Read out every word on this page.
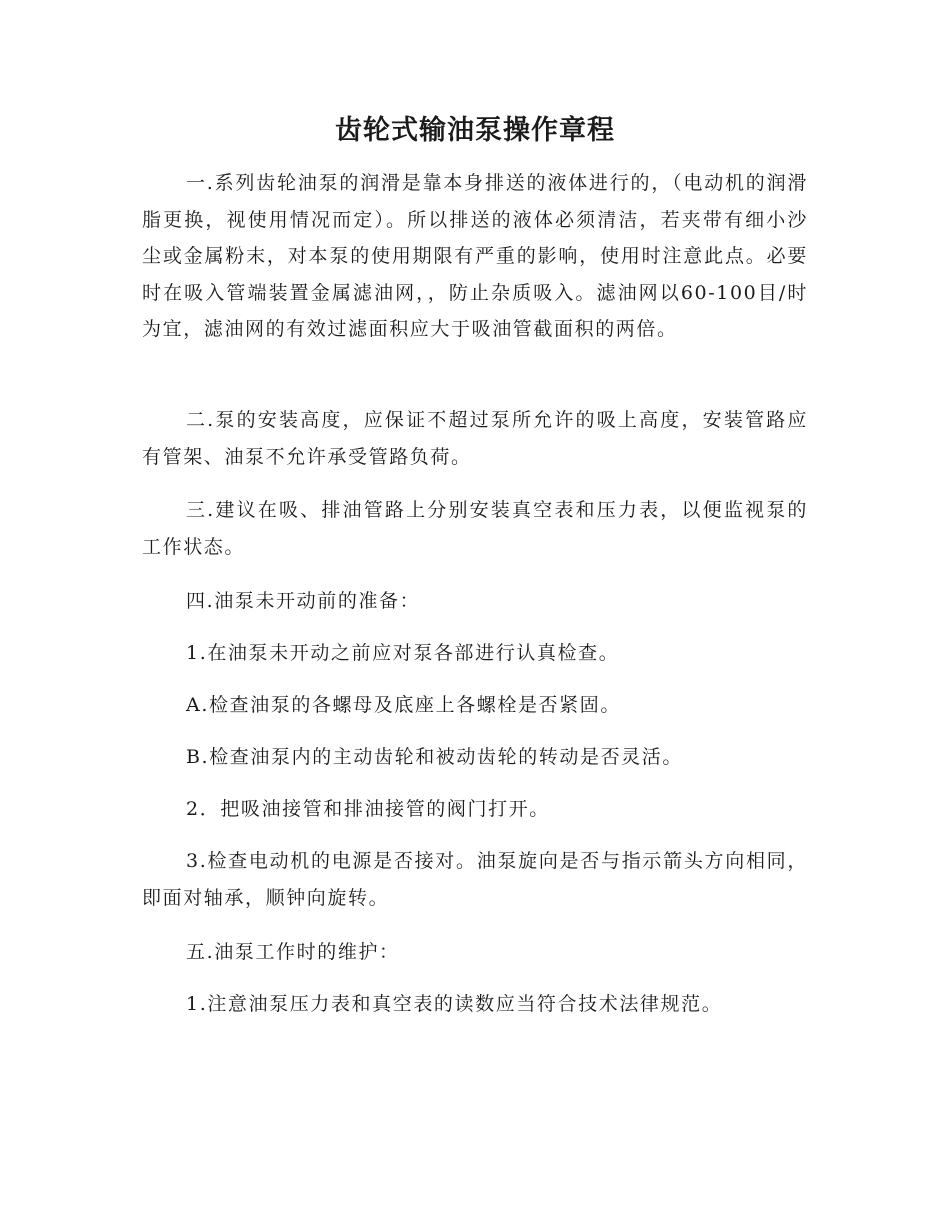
齿轮式输油泵操作章程

一.系列齿轮油泵的润滑是靠本身排送的液体进行的，（电动机的润滑脂更换，视使用情况而定）。所以排送的液体必须清洁，若夹带有细小沙尘或金属粉末，对本泵的使用期限有严重的影响，使用时注意此点。必要时在吸入管端装置金属滤油网，，防止杂质吸入。滤油网以60-100目/时为宜，滤油网的有效过滤面积应大于吸油管截面积的两倍。

二.泵的安装高度，应保证不超过泵所允许的吸上高度，安装管路应有管架、油泵不允许承受管路负荷。

三.建议在吸、排油管路上分别安装真空表和压力表，以便监视泵的工作状态。

四.油泵未开动前的准备：

1.在油泵未开动之前应对泵各部进行认真检查。

A.检查油泵的各螺母及底座上各螺栓是否紧固。

B.检查油泵内的主动齿轮和被动齿轮的转动是否灵活。

2．把吸油接管和排油接管的阀门打开。

3.检查电动机的电源是否接对。油泵旋向是否与指示箭头方向相同，即面对轴承，顺钟向旋转。

五.油泵工作时的维护：

1.注意油泵压力表和真空表的读数应当符合技术法律规范。
